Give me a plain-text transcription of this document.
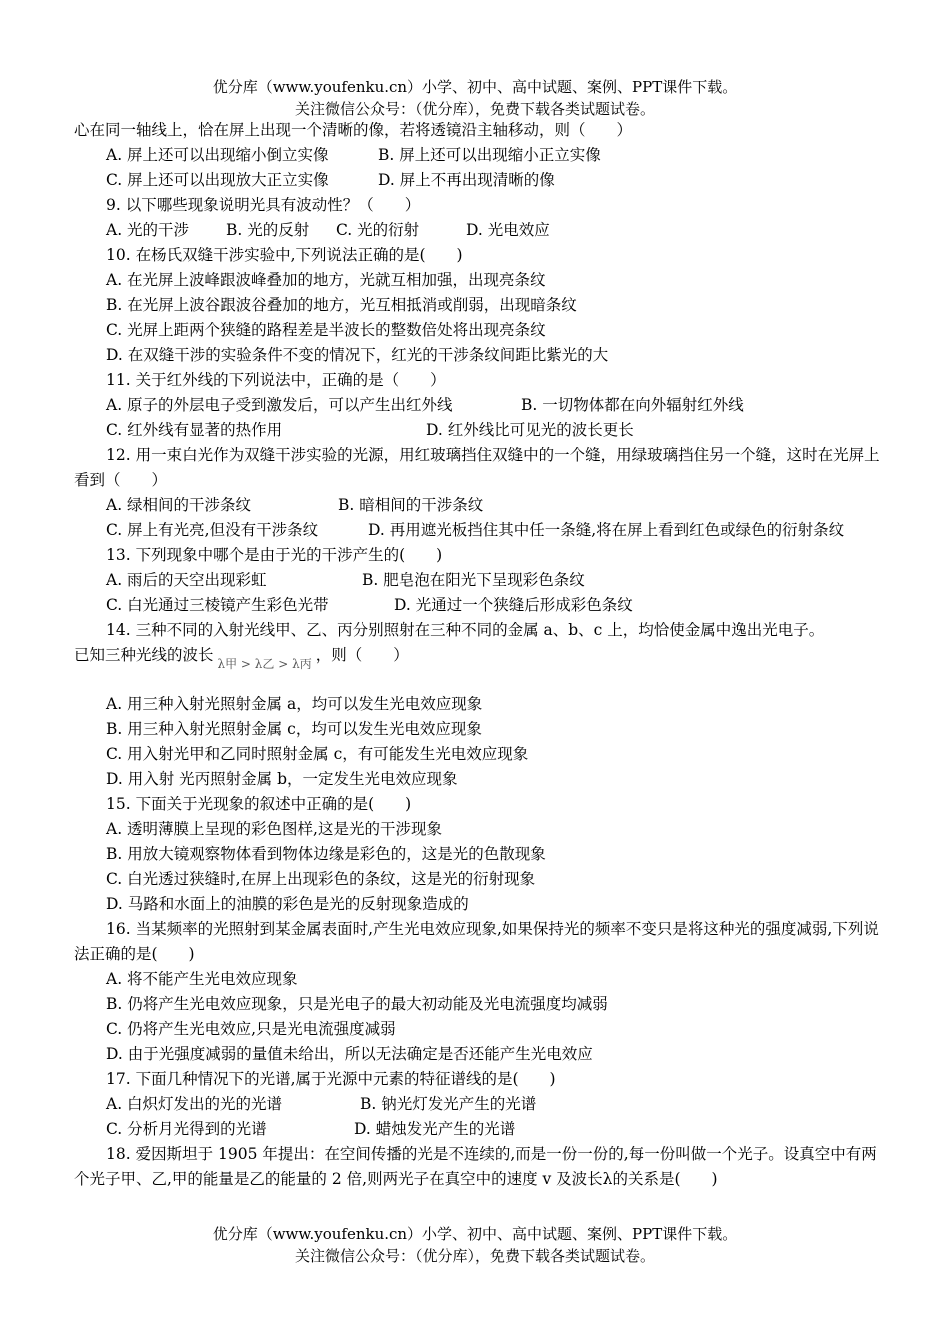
优分库（www.youfenku.cn）小学、初中、高中试题、案例、PPT课件下载。
关注微信公众号：（优分库），免费下载各类试题试卷。

心在同一轴线上，恰在屏上出现一个清晰的像，若将透镜沿主轴移动，则（　　）

A. 屏上还可以出现缩小倒立实像	B. 屏上还可以出现缩小正立实像

C. 屏上还可以出现放大正立实像	D. 屏上不再出现清晰的像

9. 以下哪些现象说明光具有波动性？（　　）

A. 光的干涉 B. 光的反射 C. 光的衍射	D. 光电效应

10. 在杨氏双缝干涉实验中,下列说法正确的是(　　)

A. 在光屏上波峰跟波峰叠加的地方，光就互相加强，出现亮条纹

B. 在光屏上波谷跟波谷叠加的地方，光互相抵消或削弱，出现暗条纹

C. 光屏上距两个狭缝的路程差是半波长的整数倍处将出现亮条纹

D. 在双缝干涉的实验条件不变的情况下，红光的干涉条纹间距比紫光的大

11. 关于红外线的下列说法中，正确的是（　　）

A. 原子的外层电子受到激发后，可以产生出红外线	B. 一切物体都在向外辐射红外线

C. 红外线有显著的热作用	D. 红外线比可见光的波长更长

12. 用一束白光作为双缝干涉实验的光源，用红玻璃挡住双缝中的一个缝，用绿玻璃挡住另一个缝，这时在光屏上看到（　　）

A. 绿相间的干涉条纹	B. 暗相间的干涉条纹

C. 屏上有光亮,但没有干涉条纹	D. 再用遮光板挡住其中任一条缝,将在屏上看到红色或绿色的衍射条纹

13. 下列现象中哪个是由于光的干涉产生的(　　)

A. 雨后的天空出现彩虹	B. 肥皂泡在阳光下呈现彩色条纹

C. 白光通过三棱镜产生彩色光带	D. 光通过一个狭缝后形成彩色条纹

14. 三种不同的入射光线甲、乙、丙分别照射在三种不同的金属 a、b、c 上，均恰使金属中逸出光电子。

已知三种光线的波长 λ甲 > λ乙 > λ丙 ，则（　　）

A. 用三种入射光照射金属 a，均可以发生光电效应现象

B. 用三种入射光照射金属 c，均可以发生光电效应现象

C. 用入射光甲和乙同时照射金属 c，有可能发生光电效应现象

D. 用入射 光丙照射金属 b，一定发生光电效应现象

15. 下面关于光现象的叙述中正确的是(　　)

A. 透明薄膜上呈现的彩色图样,这是光的干涉现象

B. 用放大镜观察物体看到物体边缘是彩色的，这是光的色散现象

C. 白光透过狭缝时,在屏上出现彩色的条纹，这是光的衍射现象

D. 马路和水面上的油膜的彩色是光的反射现象造成的

16. 当某频率的光照射到某金属表面时,产生光电效应现象,如果保持光的频率不变只是将这种光的强度减弱,下列说法正确的是(　　)

A. 将不能产生光电效应现象

B. 仍将产生光电效应现象，只是光电子的最大初动能及光电流强度均减弱

C. 仍将产生光电效应,只是光电流强度减弱

D. 由于光强度减弱的量值未给出，所以无法确定是否还能产生光电效应

17. 下面几种情况下的光谱,属于光源中元素的特征谱线的是(　　)

A. 白炽灯发出的光的光谱	B. 钠光灯发光产生的光谱

C. 分析月光得到的光谱	D. 蜡烛发光产生的光谱

18. 爱因斯坦于 1905 年提出：在空间传播的光是不连续的,而是一份一份的,每一份叫做一个光子。设真空中有两个光子甲、乙,甲的能量是乙的能量的 2 倍,则两光子在真空中的速度 v 及波长λ的关系是(　　)

优分库（www.youfenku.cn）小学、初中、高中试题、案例、PPT课件下载。
关注微信公众号：（优分库），免费下载各类试题试卷。
